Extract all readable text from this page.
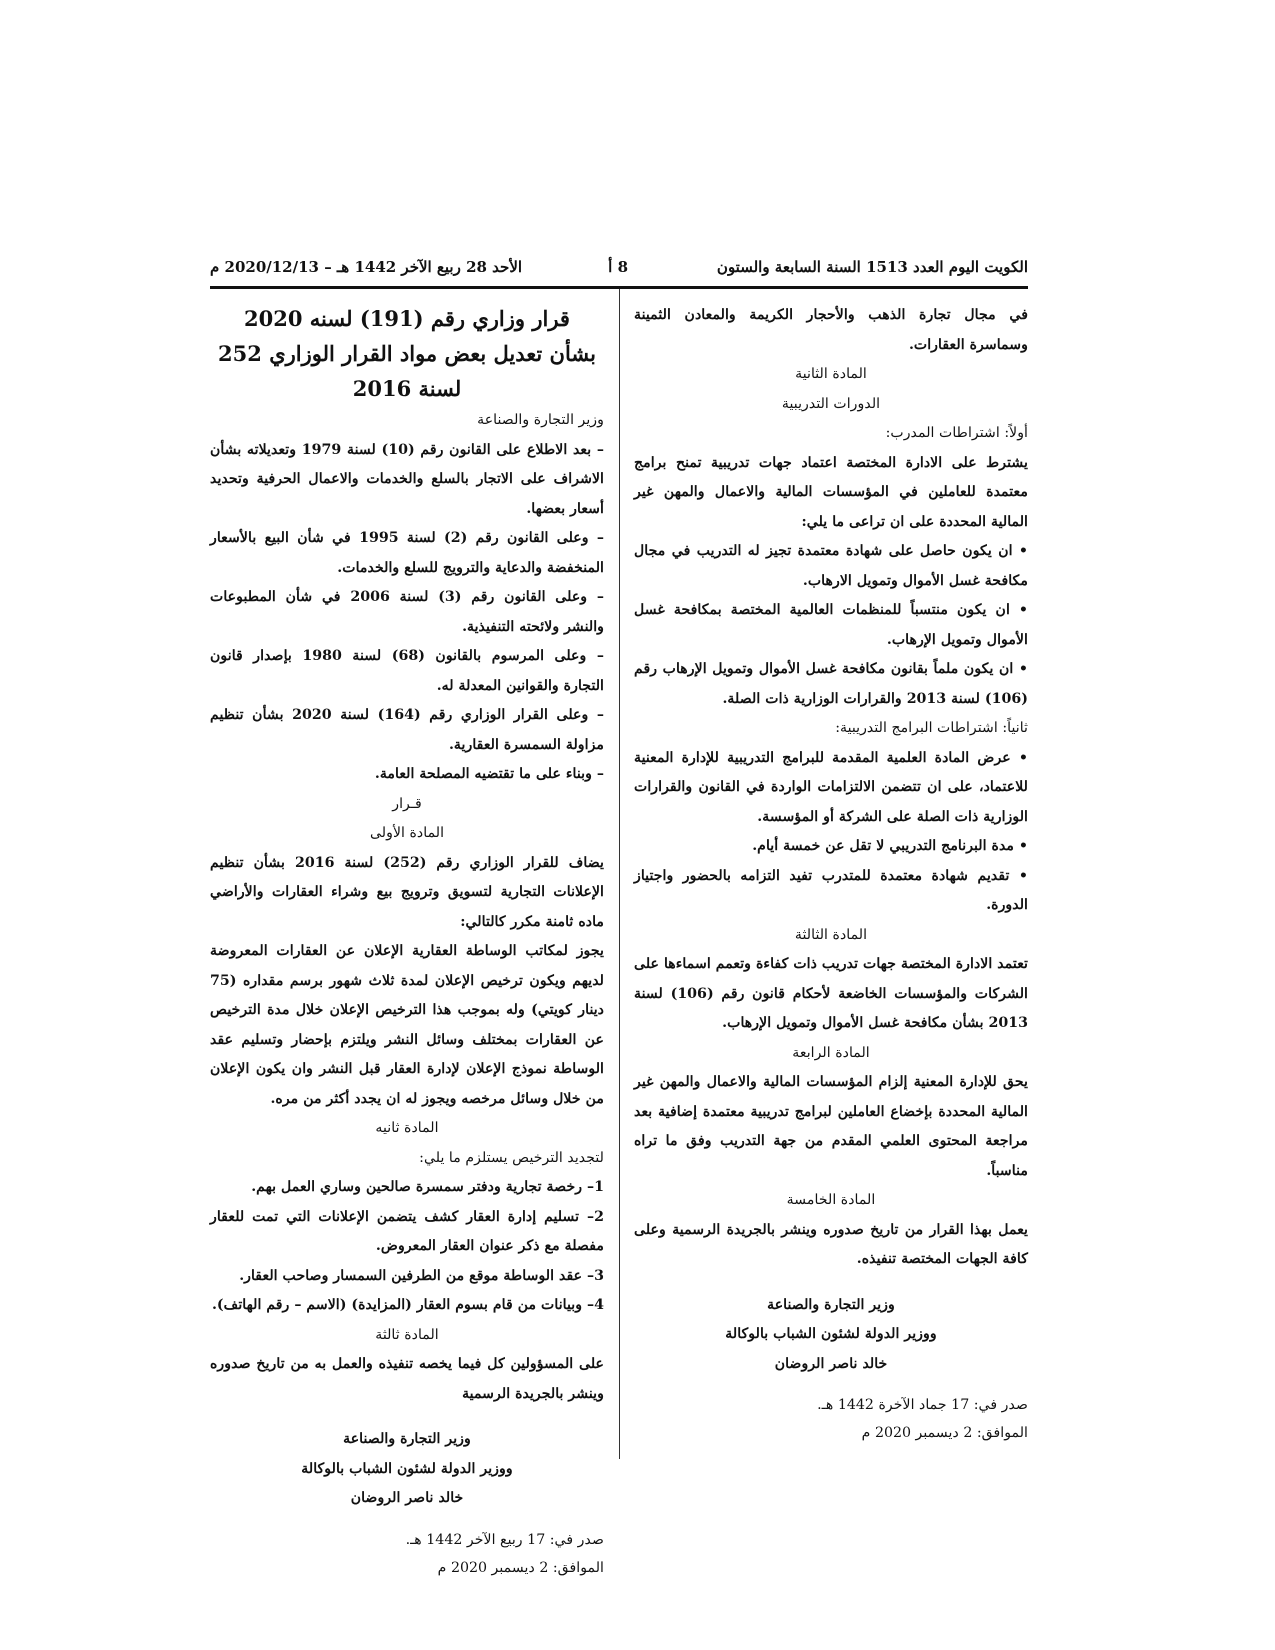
الكويت اليوم العدد 1513 السنة السابعة والستون
8 أ
الأحد 28 ربيع الآخر 1442 هـ – 2020/12/13 م

في مجال تجارة الذهب والأحجار الكريمة والمعادن الثمينة وسماسرة العقارات.

المادة الثانية

الدورات التدريبية

أولاً: اشتراطات المدرب:

يشترط على الادارة المختصة اعتماد جهات تدريبية تمنح برامج معتمدة للعاملين في المؤسسات المالية والاعمال والمهن غير المالية المحددة على ان تراعى ما يلي:

• ان يكون حاصل على شهادة معتمدة تجيز له التدريب في مجال مكافحة غسل الأموال وتمويل الارهاب.

• ان يكون منتسباً للمنظمات العالمية المختصة بمكافحة غسل الأموال وتمويل الإرهاب.

• ان يكون ملماً بقانون مكافحة غسل الأموال وتمويل الإرهاب رقم (106) لسنة 2013 والقرارات الوزارية ذات الصلة.

ثانياً: اشتراطات البرامج التدريبية:

• عرض المادة العلمية المقدمة للبرامج التدريبية للإدارة المعنية للاعتماد، على ان تتضمن الالتزامات الواردة في القانون والقرارات الوزارية ذات الصلة على الشركة أو المؤسسة.

• مدة البرنامج التدريبي لا تقل عن خمسة أيام.

• تقديم شهادة معتمدة للمتدرب تفيد التزامه بالحضور واجتياز الدورة.

المادة الثالثة

تعتمد الادارة المختصة جهات تدريب ذات كفاءة وتعمم اسماءها على الشركات والمؤسسات الخاضعة لأحكام قانون رقم (106) لسنة 2013 بشأن مكافحة غسل الأموال وتمويل الإرهاب.

المادة الرابعة

يحق للإدارة المعنية إلزام المؤسسات المالية والاعمال والمهن غير المالية المحددة بإخضاع العاملين لبرامج تدريبية معتمدة إضافية بعد مراجعة المحتوى العلمي المقدم من جهة التدريب وفق ما تراه مناسباً.

المادة الخامسة

يعمل بهذا القرار من تاريخ صدوره وينشر بالجريدة الرسمية وعلى كافة الجهات المختصة تنفيذه.

وزير التجارة والصناعة

ووزير الدولة لشئون الشباب بالوكالة

خالد ناصر الروضان

صدر في: 17 جماد الآخرة 1442 هـ.

الموافق: 2 ديسمبر 2020 م

قرار وزاري رقم (191) لسنه 2020

بشأن تعديل بعض مواد القرار الوزاري 252

لسنة 2016

وزير التجارة والصناعة

– بعد الاطلاع على القانون رقم (10) لسنة 1979 وتعديلاته بشأن الاشراف على الاتجار بالسلع والخدمات والاعمال الحرفية وتحديد أسعار بعضها.

– وعلى القانون رقم (2) لسنة 1995 في شأن البيع بالأسعار المنخفضة والدعاية والترويج للسلع والخدمات.

– وعلى القانون رقم (3) لسنة 2006 في شأن المطبوعات والنشر ولائحته التنفيذية.

– وعلى المرسوم بالقانون (68) لسنة 1980 بإصدار قانون التجارة والقوانين المعدلة له.

– وعلى القرار الوزاري رقم (164) لسنة 2020 بشأن تنظيم مزاولة السمسرة العقارية.

– وبناء على ما تقتضيه المصلحة العامة.

قـرار

المادة الأولى

يضاف للقرار الوزاري رقم (252) لسنة 2016 بشأن تنظيم الإعلانات التجارية لتسويق وترويج بيع وشراء العقارات والأراضي ماده ثامنة مكرر كالتالي:

يجوز لمكاتب الوساطة العقارية الإعلان عن العقارات المعروضة لديهم ويكون ترخيص الإعلان لمدة ثلاث شهور برسم مقداره (75 دينار كويتي) وله بموجب هذا الترخيص الإعلان خلال مدة الترخيص عن العقارات بمختلف وسائل النشر ويلتزم بإحضار وتسليم عقد الوساطة نموذج الإعلان لإدارة العقار قبل النشر وان يكون الإعلان من خلال وسائل مرخصه ويجوز له ان يجدد أكثر من مره.

المادة ثانيه

لتجديد الترخيص يستلزم ما يلي:

1– رخصة تجارية ودفتر سمسرة صالحين وساري العمل بهم.

2– تسليم إدارة العقار كشف يتضمن الإعلانات التي تمت للعقار مفصلة مع ذكر عنوان العقار المعروض.

3– عقد الوساطة موقع من الطرفين السمسار وصاحب العقار.

4– وبيانات من قام بسوم العقار (المزايدة) (الاسم – رقم الهاتف).

المادة ثالثة

على المسؤولين كل فيما يخصه تنفيذه والعمل به من تاريخ صدوره وينشر بالجريدة الرسمية

وزير التجارة والصناعة

ووزير الدولة لشئون الشباب بالوكالة

خالد ناصر الروضان

صدر في: 17 ربيع الآخر 1442 هـ.

الموافق: 2 ديسمبر 2020 م
